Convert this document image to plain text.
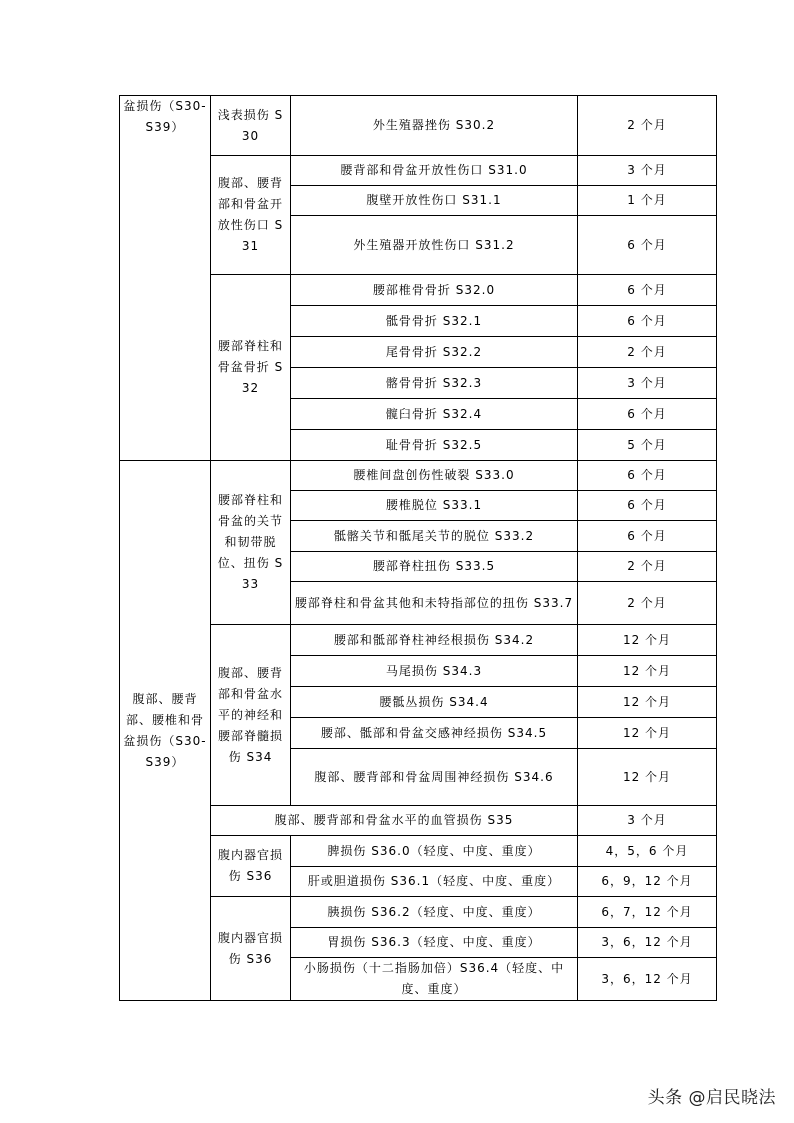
盆损伤（S30-S39）	浅表损伤 S30	外生殖器挫伤 S30.2	2 个月
	腹部、腰背部和骨盆开放性伤口 S31	腰背部和骨盆开放性伤口 S31.0	3 个月
		腹壁开放性伤口 S31.1	1 个月
		外生殖器开放性伤口 S31.2	6 个月
	腰部脊柱和骨盆骨折 S32	腰部椎骨骨折 S32.0	6 个月
		骶骨骨折 S32.1	6 个月
		尾骨骨折 S32.2	2 个月
		髂骨骨折 S32.3	3 个月
		髋臼骨折 S32.4	6 个月
		耻骨骨折 S32.5	5 个月
腹部、腰背部、腰椎和骨盆损伤（S30-S39）	腰部脊柱和骨盆的关节和韧带脱位、扭伤 S33	腰椎间盘创伤性破裂 S33.0	6 个月
		腰椎脱位 S33.1	6 个月
		骶髂关节和骶尾关节的脱位 S33.2	6 个月
		腰部脊柱扭伤 S33.5	2 个月
		腰部脊柱和骨盆其他和未特指部位的扭伤 S33.7	2 个月
	腹部、腰背部和骨盆水平的神经和腰部脊髓损伤 S34	腰部和骶部脊柱神经根损伤 S34.2	12 个月
		马尾损伤 S34.3	12 个月
		腰骶丛损伤 S34.4	12 个月
		腰部、骶部和骨盆交感神经损伤 S34.5	12 个月
		腹部、腰背部和骨盆周围神经损伤 S34.6	12 个月
	腹部、腰背部和骨盆水平的血管损伤 S35		3 个月
	腹内器官损伤 S36	脾损伤 S36.0（轻度、中度、重度）	4，5，6 个月
		肝或胆道损伤 S36.1（轻度、中度、重度）	6，9，12 个月
	腹内器官损伤 S36	胰损伤 S36.2（轻度、中度、重度）	6，7，12 个月
		胃损伤 S36.3（轻度、中度、重度）	3，6，12 个月
		小肠损伤（十二指肠加倍）S36.4（轻度、中度、重度）	3，6，12 个月
头条 @启民晓法
